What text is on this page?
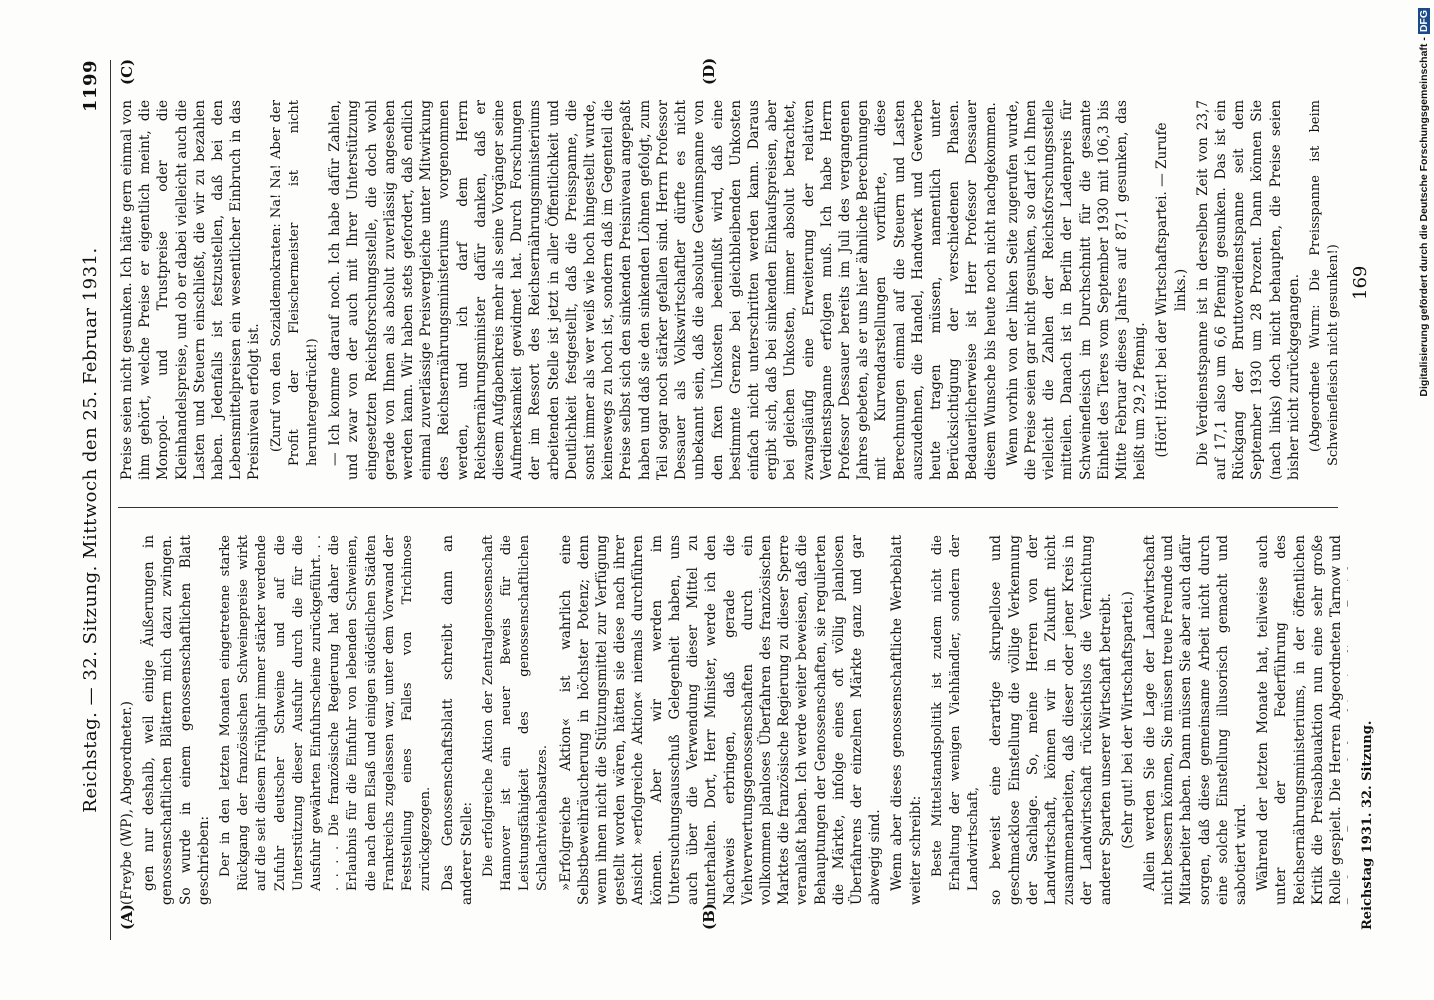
Reichstag. — 32. Sitzung. Mittwoch den 25. Februar 1931.
1199
(A)	(B)
(C)	(D)

(Freybe (WP), Abgeordneter.) gen nur deshalb, weil einige Äußerungen in genossenschaftlichen Blättern mich dazu zwingen. So wurde in einem genossenschaftlichen Blatt geschrieben: Der in den letzten Monaten eingetretene starke Rückgang der französischen Schweinepreise wirkt auf die seit diesem Frühjahr immer stärker werdende Zufuhr deutscher Schweine und auf die Unterstützung dieser Ausfuhr durch die für die Ausfuhr gewährten Einfuhrscheine zurückgeführt. . . . . . . Die französische Regierung hat daher die Erlaubnis für die Einfuhr von lebenden Schweinen, die nach dem Elsaß und einigen südöstlichen Städten Frankreichs zugelassen war, unter dem Vorwand der Feststellung eines Falles von Trichinose zurückgezogen. Das Genossenschaftsblatt schreibt dann an anderer Stelle: Die erfolgreiche Aktion der Zentralgenossenschaft Hannover ist ein neuer Beweis für die Leistungsfähigkeit des genossenschaftlichen Schlachtviehabsatzes. »Erfolgreiche Aktion« ist wahrlich eine Selbstbeweihräucherung in höchster Potenz; denn wenn ihnen nicht die Stützungsmittel zur Verfügung gestellt worden wären, hätten sie diese nach ihrer Ansicht »erfolgreiche Aktion« niemals durchführen können. Aber wir werden im Untersuchungsausschuß Gelegenheit haben, uns auch über die Verwendung dieser Mittel zu unterhalten. Dort, Herr Minister, werde ich den Nachweis erbringen, daß gerade die Viehverwertungsgenossenschaften durch ein vollkommen planloses Überfahren des französischen Marktes die französische Regierung zu dieser Sperre veranlaßt haben. Ich werde weiter beweisen, daß die Behauptungen der Genossenschaften, sie regulierten die Märkte, infolge eines oft völlig planlosen Überfahrens der einzelnen Märkte ganz und gar abwegig sind. Wenn aber dieses genossenschaftliche Werbeblatt weiter schreibt: Beste Mittelstandspolitik ist zudem nicht die Erhaltung der wenigen Viehhändler, sondern der Landwirtschaft, so beweist eine derartige skrupellose und geschmacklose Einstellung die völlige Verkennung der Sachlage. So, meine Herren von der Landwirtschaft, können wir in Zukunft nicht zusammenarbeiten, daß dieser oder jener Kreis in der Landwirtschaft rücksichtslos die Vernichtung anderer Sparten unserer Wirtschaft betreibt. (Sehr gut! bei der Wirtschaftspartei.) Allein werden Sie die Lage der Landwirtschaft nicht bessern können, Sie müssen treue Freunde und Mitarbeiter haben. Dann müssen Sie aber auch dafür sorgen, daß diese gemeinsame Arbeit nicht durch eine solche Einstellung illusorisch gemacht und sabotiert wird. Während der letzten Monate hat, teilweise auch unter der Federführung des Reichsernährungsministeriums, in der öffentlichen Kritik die Preisabbauaktion nun eine sehr große Rolle gespielt. Die Herren Abgeordneten Tarnow und

Preise seien nicht gesunken. Ich hätte gern einmal von ihm gehört, welche Preise er eigentlich meint, die Monopol- und Trustpreise oder die Kleinhandelspreise, und ob er dabei vielleicht auch die Lasten und Steuern einschließt, die wir zu bezahlen haben. Jedenfalls ist festzustellen, daß bei den Lebensmittelpreisen ein wesentlicher Einbruch in das Preisniveau erfolgt ist. (Zuruf von den Sozialdemokraten: Na! Na! Aber der Profit der Fleischermeister ist nicht heruntergedrückt!) — Ich komme darauf noch. Ich habe dafür Zahlen, und zwar von der auch mit Ihrer Unterstützung eingesetzten Reichsforschungsstelle, die doch wohl gerade von Ihnen als absolut zuverlässig angesehen werden kann. Wir haben stets gefordert, daß endlich einmal zuverlässige Preisvergleiche unter Mitwirkung des Reichsernährungsministeriums vorgenommen werden, und ich darf dem Herrn Reichsernährungsminister dafür danken, daß er diesem Aufgabenkreis mehr als seine Vorgänger seine Aufmerksamkeit gewidmet hat. Durch Forschungen der im Ressort des Reichsernährungsministeriums arbeitenden Stelle ist jetzt in aller Öffentlichkeit und Deutlichkeit festgestellt, daß die Preisspanne, die sonst immer als wer weiß wie hoch hingestellt wurde, keineswegs zu hoch ist, sondern daß im Gegenteil die Preise selbst sich den sinkenden Preisniveau angepaßt haben und daß sie den sinkenden Löhnen gefolgt, zum Teil sogar noch stärker gefallen sind. Herrn Professor Dessauer als Volkswirtschaftler dürfte es nicht unbekannt sein, daß die absolute Gewinnspanne von den fixen Unkosten beeinflußt wird, daß eine bestimmte Grenze bei gleichbleibenden Unkosten einfach nicht unterschritten werden kann. Daraus ergibt sich, daß bei sinkenden Einkaufspreisen, aber bei gleichen Unkosten, immer absolut betrachtet, zwangsläufig eine Erweiterung der relativen Verdienstspanne erfolgen muß. Ich habe Herrn Professor Dessauer bereits im Juli des vergangenen Jahres gebeten, als er uns hier ähnliche Berechnungen mit Kurvendarstellungen vorführte, diese Berechnungen einmal auf die Steuern und Lasten auszudehnen, die Handel, Handwerk und Gewerbe heute tragen müssen, namentlich unter Berücksichtigung der verschiedenen Phasen. Bedauerlicherweise ist Herr Professor Dessauer diesem Wunsche bis heute noch nicht nachgekommen. Wenn vorhin von der linken Seite zugerufen wurde, die Preise seien gar nicht gesunken, so darf ich Ihnen vielleicht die Zahlen der Reichsforschungsstelle mitteilen. Danach ist in Berlin der Ladenpreis für Schweinefleisch im Durchschnitt für die gesamte Einheit des Tieres vom September 1930 mit 106,3 bis Mitte Februar dieses Jahres auf 87,1 gesunken, das heißt um 29,2 Pfennig. (Hört! Hört! bei der Wirtschaftspartei. — Zurufe links.) Die Verdienstspanne ist in derselben Zeit von 23,7 auf 17,1 also um 6,6 Pfennig gesunken. Das ist ein Rückgang der Bruttoverdienstspanne seit dem September 1930 um 28 Prozent. Dann können Sie (nach links) doch nicht behaupten, die Preise seien bisher nicht zurückgegangen. (Abgeordnete Wurm: Die Preisspanne ist beim Schweinefleisch nicht gesunken!)

Reichstag 1931. 32. Sitzung.
169	Digitalisierung gefördert durch die Deutsche Forschungsgemeinschaft -DFG
